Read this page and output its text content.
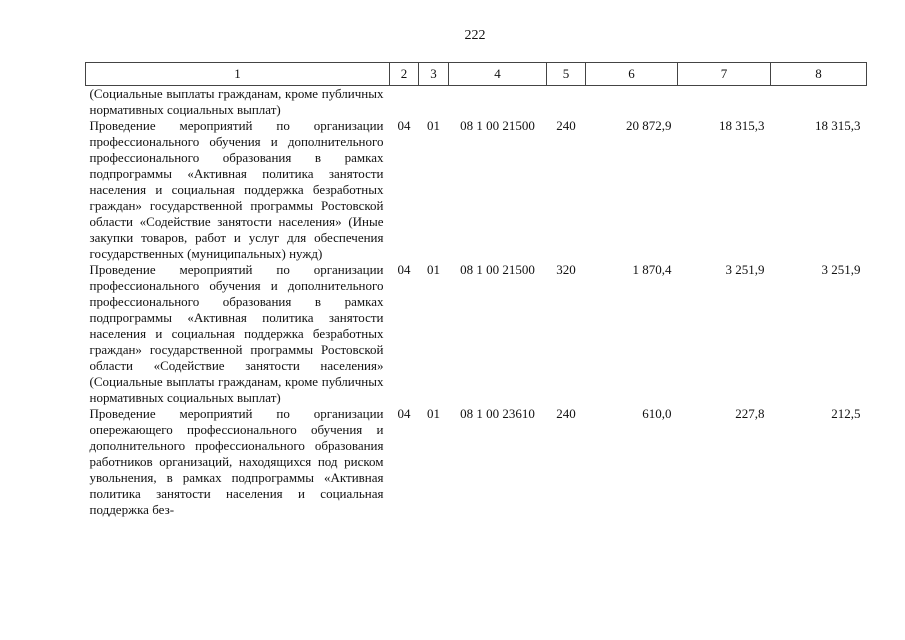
222
1	2	3	4	5	6	7	8
(Социальные выплаты гражданам, кроме публичных нормативных социальных выплат)							
Проведение мероприятий по организации профессионального обучения и дополнительного профессионального образования в рамках подпрограммы «Активная политика занятости населения и социальная поддержка безработных граждан» государственной программы Ростовской области «Содействие занятости населения» (Иные закупки товаров, работ и услуг для обеспечения государственных (муниципальных) нужд)	04	01	08 1 00 21500	240	20 872,9	18 315,3	18 315,3
Проведение мероприятий по организации профессионального обучения и дополнительного профессионального образования в рамках подпрограммы «Активная политика занятости населения и социальная поддержка безработных граждан» государственной программы Ростовской области «Содействие занятости населения» (Социальные выплаты гражданам, кроме публичных нормативных социальных выплат)	04	01	08 1 00 21500	320	1 870,4	3 251,9	3 251,9
Проведение мероприятий по организации опережающего профессионального обучения и дополнительного профессионального образования работников организаций, находящихся под риском увольнения, в рамках подпрограммы «Активная политика занятости населения и социальная поддержка без-	04	01	08 1 00 23610	240	610,0	227,8	212,5
